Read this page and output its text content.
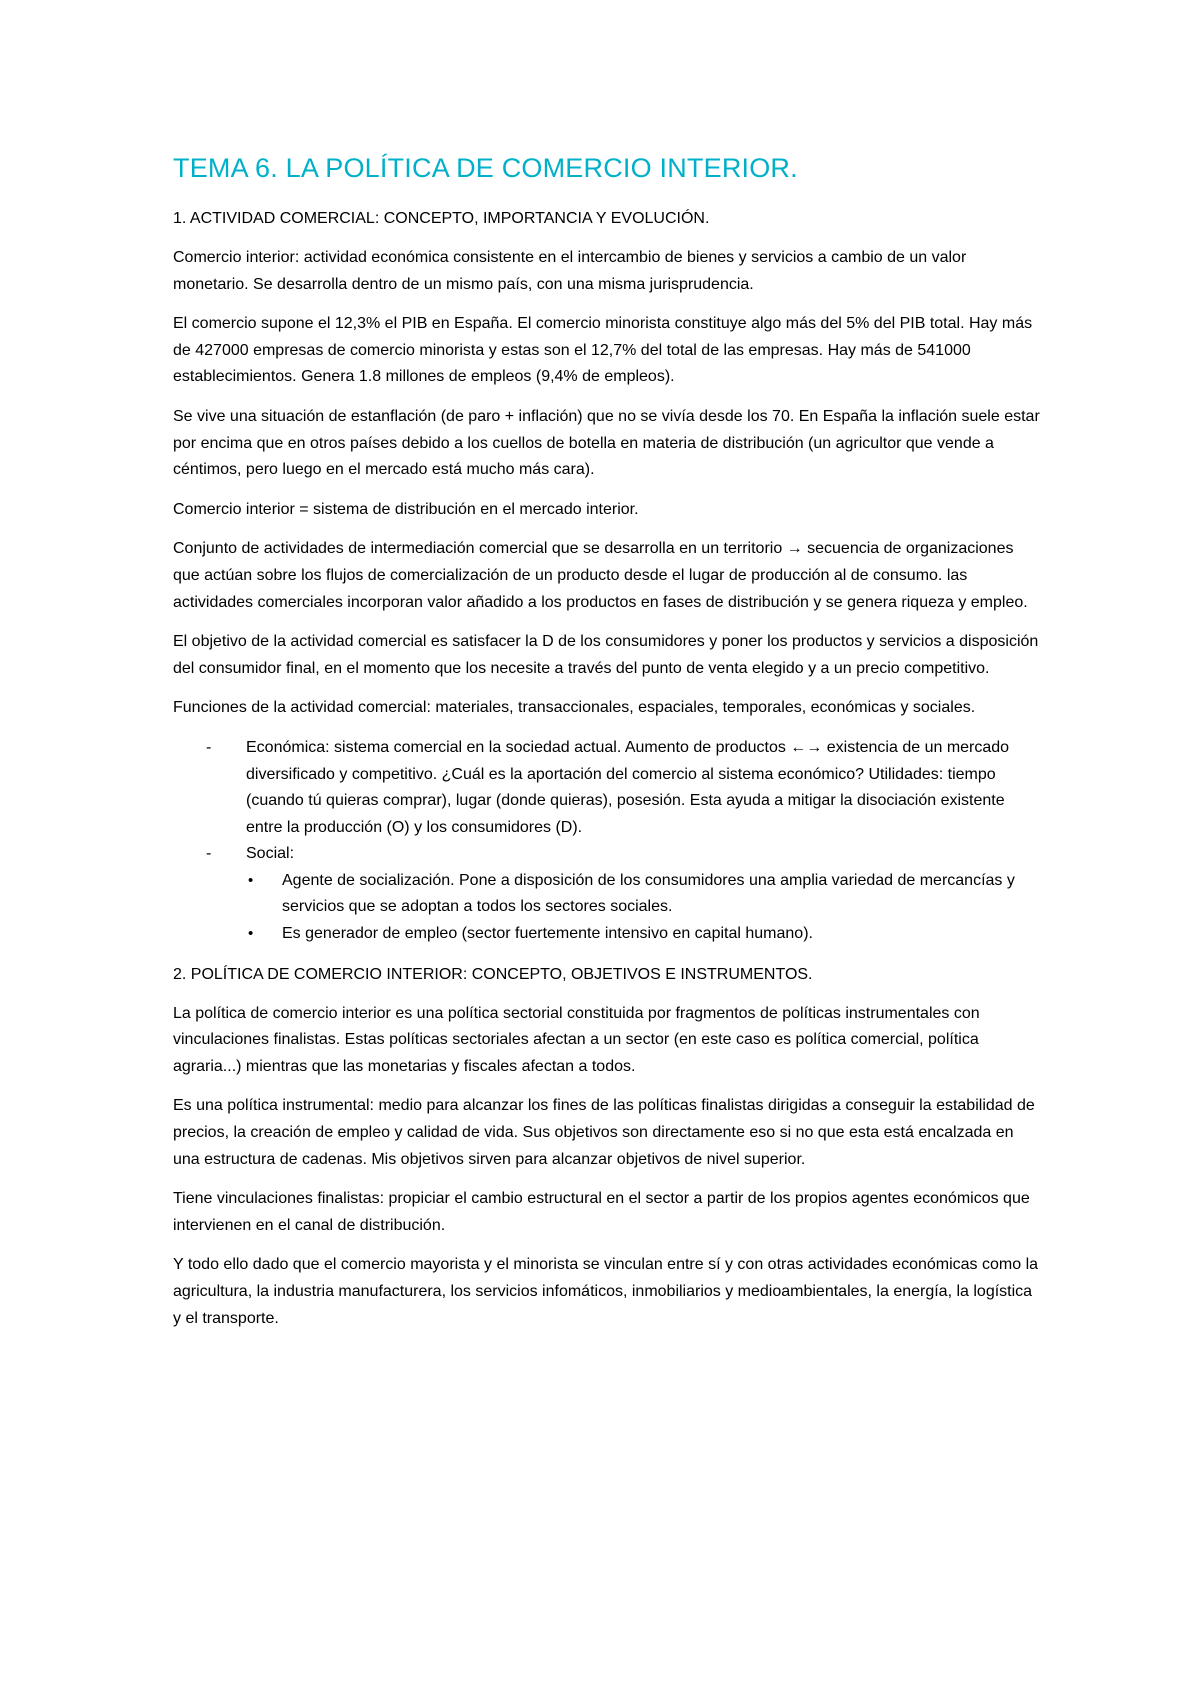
TEMA 6. LA POLÍTICA DE COMERCIO INTERIOR.
1. ACTIVIDAD COMERCIAL: CONCEPTO, IMPORTANCIA Y EVOLUCIÓN.

Comercio interior: actividad económica consistente en el intercambio de bienes y servicios a cambio de un valor monetario. Se desarrolla dentro de un mismo país, con una misma jurisprudencia.

El comercio supone el 12,3% el PIB en España. El comercio minorista constituye algo más del 5% del PIB total. Hay más de 427000 empresas de comercio minorista y estas son el 12,7% del total de las empresas. Hay más de 541000 establecimientos. Genera 1.8 millones de empleos (9,4% de empleos).

Se vive una situación de estanflación (de paro + inflación) que no se vivía desde los 70. En España la inflación suele estar por encima que en otros países debido a los cuellos de botella en materia de distribución (un agricultor que vende a céntimos, pero luego en el mercado está mucho más cara).

Comercio interior = sistema de distribución en el mercado interior.

Conjunto de actividades de intermediación comercial que se desarrolla en un territorio → secuencia de organizaciones que actúan sobre los flujos de comercialización de un producto desde el lugar de producción al de consumo. las actividades comerciales incorporan valor añadido a los productos en fases de distribución y se genera riqueza y empleo.

El objetivo de la actividad comercial es satisfacer la D de los consumidores y poner los productos y servicios a disposición del consumidor final, en el momento que los necesite a través del punto de venta elegido y a un precio competitivo.

Funciones de la actividad comercial: materiales, transaccionales, espaciales, temporales, económicas y sociales.

- Económica: sistema comercial en la sociedad actual. Aumento de productos ←→ existencia de un mercado diversificado y competitivo. ¿Cuál es la aportación del comercio al sistema económico? Utilidades: tiempo (cuando tú quieras comprar), lugar (donde quieras), posesión. Esta ayuda a mitigar la disociación existente entre la producción (O) y los consumidores (D).
- Social:
• Agente de socialización. Pone a disposición de los consumidores una amplia variedad de mercancías y servicios que se adoptan a todos los sectores sociales.
• Es generador de empleo (sector fuertemente intensivo en capital humano).
2. POLÍTICA DE COMERCIO INTERIOR: CONCEPTO, OBJETIVOS E INSTRUMENTOS.

La política de comercio interior es una política sectorial constituida por fragmentos de políticas instrumentales con vinculaciones finalistas. Estas políticas sectoriales afectan a un sector (en este caso es política comercial, política agraria...) mientras que las monetarias y fiscales afectan a todos.

Es una política instrumental: medio para alcanzar los fines de las políticas finalistas dirigidas a conseguir la estabilidad de precios, la creación de empleo y calidad de vida. Sus objetivos son directamente eso si no que esta está encalzada en una estructura de cadenas. Mis objetivos sirven para alcanzar objetivos de nivel superior.

Tiene vinculaciones finalistas: propiciar el cambio estructural en el sector a partir de los propios agentes económicos que intervienen en el canal de distribución.

Y todo ello dado que el comercio mayorista y el minorista se vinculan entre sí y con otras actividades económicas como la agricultura, la industria manufacturera, los servicios infomáticos, inmobiliarios y medioambientales, la energía, la logística y el transporte.
